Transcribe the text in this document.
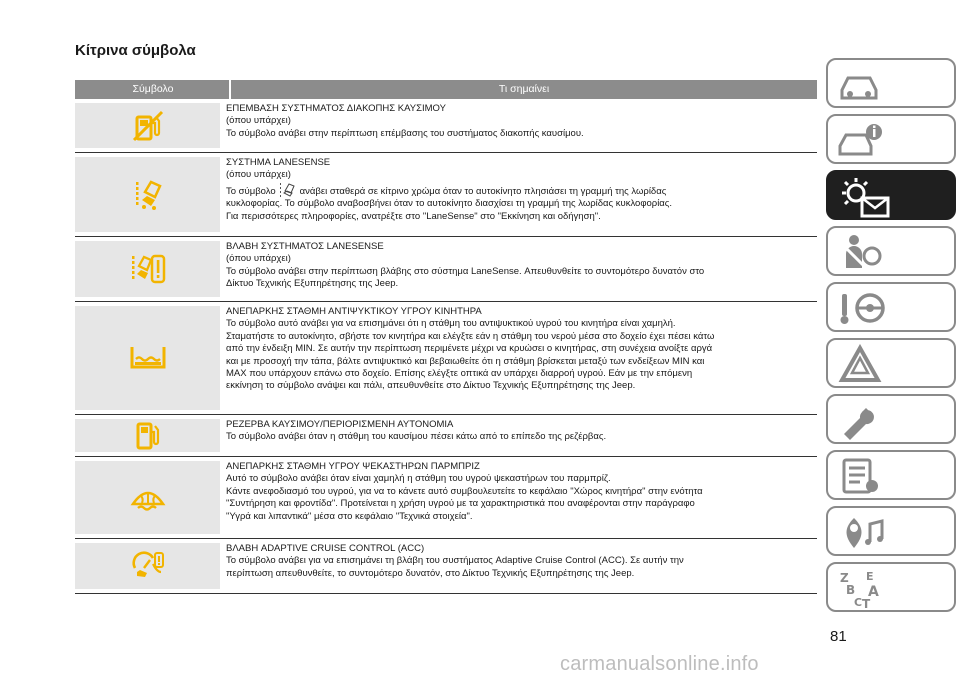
Κίτρινα σύμβολα
Σύμβολο	Τι σημαίνει
ΕΠΕΜΒΑΣΗ ΣΥΣΤΗΜΑΤΟΣ ΔΙΑΚΟΠΗΣ ΚΑΥΣΙΜΟΥ
(όπου υπάρχει)
Το σύμβολο ανάβει στην περίπτωση επέμβασης του συστήματος διακοπής καυσίμου.
ΣΥΣΤΗΜΑ LANESENSE
(όπου υπάρχει)
Το σύμβολο	ανάβει σταθερά σε κίτρινο χρώμα όταν το αυτοκίνητο πλησιάσει τη γραμμή της λωρίδας
κυκλοφορίας. Το σύμβολο αναβοσβήνει όταν το αυτοκίνητο διασχίσει τη γραμμή της λωρίδας κυκλοφορίας.
Για περισσότερες πληροφορίες, ανατρέξτε στο "LaneSense" στο "Εκκίνηση και οδήγηση".
ΒΛΑΒΗ ΣΥΣΤΗΜΑΤΟΣ LANESENSE
(όπου υπάρχει)
Το σύμβολο ανάβει στην περίπτωση βλάβης στο σύστημα LaneSense. Απευθυνθείτε το συντομότερο δυνατόν στο
Δίκτυο Τεχνικής Εξυπηρέτησης της Jeep.
ΑΝΕΠΑΡΚΗΣ ΣΤΑΘΜΗ ΑΝΤΙΨΥΚΤΙΚΟΥ ΥΓΡΟΥ ΚΙΝΗΤΗΡΑ
Το σύμβολο αυτό ανάβει για να επισημάνει ότι η στάθμη του αντιψυκτικού υγρού του κινητήρα είναι χαμηλή.
Σταματήστε το αυτοκίνητο, σβήστε τον κινητήρα και ελέγξτε εάν η στάθμη του νερού μέσα στο δοχείο έχει πέσει κάτω
από την ένδειξη MIN. Σε αυτήν την περίπτωση περιμένετε μέχρι να κρυώσει ο κινητήρας, στη συνέχεια ανοίξτε αργά
και με προσοχή την τάπα, βάλτε αντιψυκτικό και βεβαιωθείτε ότι η στάθμη βρίσκεται μεταξύ των ενδείξεων MIN και
MAX που υπάρχουν επάνω στο δοχείο. Επίσης ελέγξτε οπτικά αν υπάρχει διαρροή υγρού. Εάν με την επόμενη
εκκίνηση το σύμβολο ανάψει και πάλι, απευθυνθείτε στο Δίκτυο Τεχνικής Εξυπηρέτησης της Jeep.
ΡΕΖΕΡΒΑ ΚΑΥΣΙΜΟΥ/ΠΕΡΙΟΡΙΣΜΕΝΗ ΑΥΤΟΝΟΜΙΑ
Το σύμβολο ανάβει όταν η στάθμη του καυσίμου πέσει κάτω από το επίπεδο της ρεζέρβας.
ΑΝΕΠΑΡΚΗΣ ΣΤΑΘΜΗ ΥΓΡΟΥ ΨΕΚΑΣΤΗΡΩΝ ΠΑΡΜΠΡΙΖ
Αυτό το σύμβολο ανάβει όταν είναι χαμηλή η στάθμη του υγρού ψεκαστήρων του παρμπρίζ.
Κάντε ανεφοδιασμό του υγρού, για να το κάνετε αυτό συμβουλευτείτε το κεφάλαιο "Χώρος κινητήρα" στην ενότητα
"Συντήρηση και φροντίδα". Προτείνεται η χρήση υγρού με τα χαρακτηριστικά που αναφέρονται στην παράγραφο
"Υγρά και λιπαντικά" μέσα στο κεφάλαιο "Τεχνικά στοιχεία".
ΒΛΑΒΗ ADAPTIVE CRUISE CONTROL (ACC)
Το σύμβολο ανάβει για να επισημάνει τη βλάβη του συστήματος Adaptive Cruise Control (ACC). Σε αυτήν την
περίπτωση απευθυνθείτε, το συντομότερο δυνατόν, στο Δίκτυο Τεχνικής Εξυπηρέτησης της Jeep.	Z E
B A
C T
81
carmanualsonline.info
